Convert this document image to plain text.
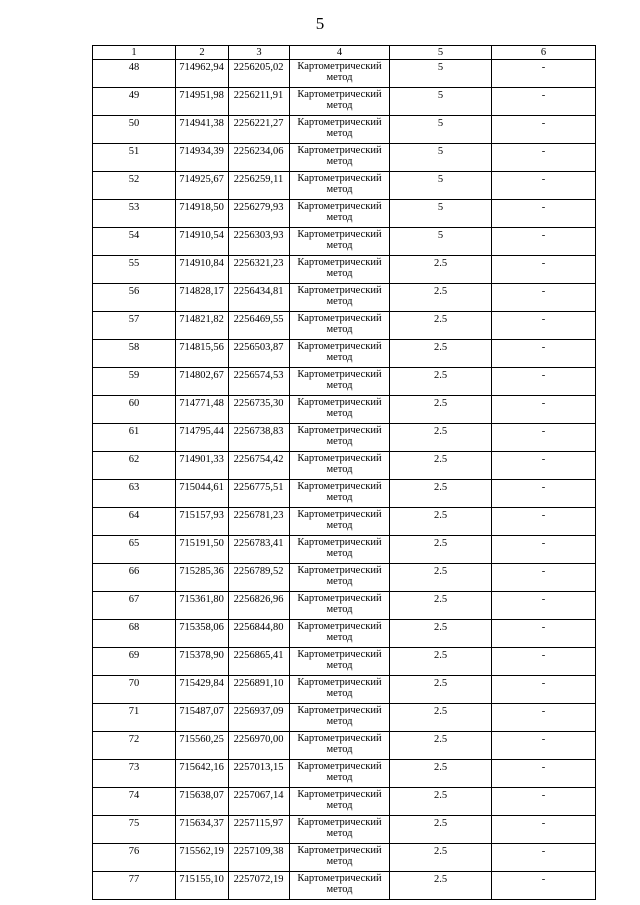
5
1	2	3	4	5	6
48	714962,94	2256205,02	Картометрический метод	5	-
49	714951,98	2256211,91	Картометрический метод	5	-
50	714941,38	2256221,27	Картометрический метод	5	-
51	714934,39	2256234,06	Картометрический метод	5	-
52	714925,67	2256259,11	Картометрический метод	5	-
53	714918,50	2256279,93	Картометрический метод	5	-
54	714910,54	2256303,93	Картометрический метод	5	-
55	714910,84	2256321,23	Картометрический метод	2.5	-
56	714828,17	2256434,81	Картометрический метод	2.5	-
57	714821,82	2256469,55	Картометрический метод	2.5	-
58	714815,56	2256503,87	Картометрический метод	2.5	-
59	714802,67	2256574,53	Картометрический метод	2.5	-
60	714771,48	2256735,30	Картометрический метод	2.5	-
61	714795,44	2256738,83	Картометрический метод	2.5	-
62	714901,33	2256754,42	Картометрический метод	2.5	-
63	715044,61	2256775,51	Картометрический метод	2.5	-
64	715157,93	2256781,23	Картометрический метод	2.5	-
65	715191,50	2256783,41	Картометрический метод	2.5	-
66	715285,36	2256789,52	Картометрический метод	2.5	-
67	715361,80	2256826,96	Картометрический метод	2.5	-
68	715358,06	2256844,80	Картометрический метод	2.5	-
69	715378,90	2256865,41	Картометрический метод	2.5	-
70	715429,84	2256891,10	Картометрический метод	2.5	-
71	715487,07	2256937,09	Картометрический метод	2.5	-
72	715560,25	2256970,00	Картометрический метод	2.5	-
73	715642,16	2257013,15	Картометрический метод	2.5	-
74	715638,07	2257067,14	Картометрический метод	2.5	-
75	715634,37	2257115,97	Картометрический метод	2.5	-
76	715562,19	2257109,38	Картометрический метод	2.5	-
77	715155,10	2257072,19	Картометрический метод	2.5	-
